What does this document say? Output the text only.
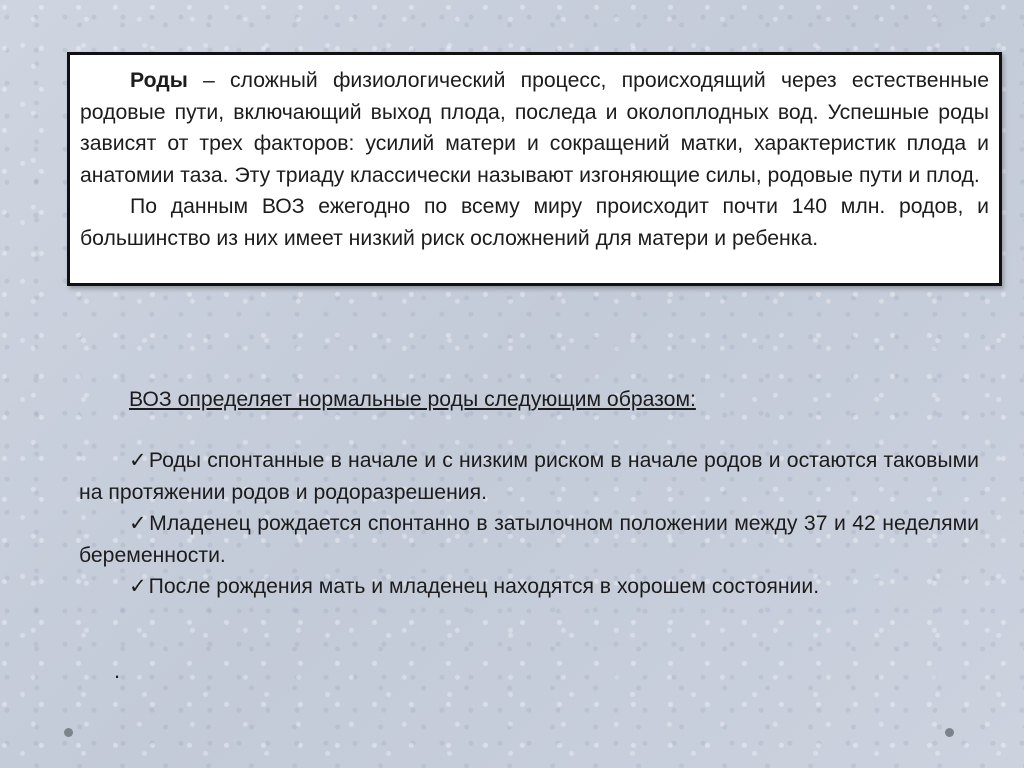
Роды – сложный физиологический процесс, происходящий через естественные родовые пути, включающий выход плода, последа и околоплодных вод. Успешные роды зависят от трех факторов: усилий матери и сокращений матки, характеристик плода и анатомии таза. Эту триаду классически называют изгоняющие силы, родовые пути и плод.

По данным ВОЗ ежегодно по всему миру происходит почти 140 млн. родов, и большинство из них имеет низкий риск осложнений для матери и ребенка.

ВОЗ определяет нормальные роды следующим образом:

✓Роды спонтанные в начале и с низким риском в начале родов и остаются таковыми на протяжении родов и родоразрешения.

✓Младенец рождается спонтанно в затылочном положении между 37 и 42 неделями беременности.

✓После рождения мать и младенец находятся в хорошем состоянии.

.
